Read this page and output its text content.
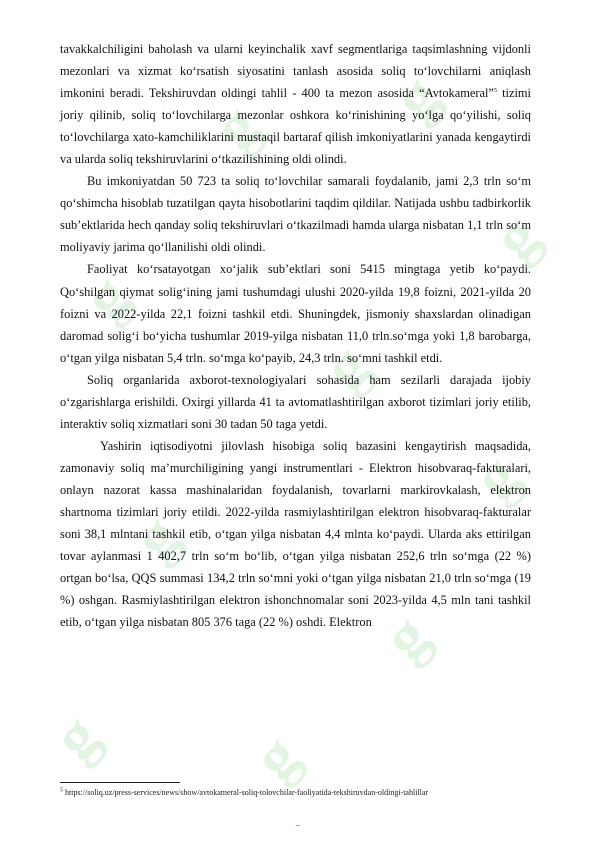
g
g
g
g
g
g
g
g
g g

tavakkalchiligini baholash va ularni keyinchalik xavf segmentlariga taqsimlashning vijdonli mezonlari va xizmat ko‘rsatish siyosatini tanlash asosida soliq to‘lovchilarni aniqlash imkonini beradi. Tekshiruvdan oldingi tahlil - 400 ta mezon asosida “Avtokameral”$^5$ tizimi joriy qilinib, soliq to‘lovchilarga mezonlar oshkora ko‘rinishining yo‘lga qo‘yilishi, soliq to‘lovchilarga xato-kamchiliklarini mustaqil bartaraf qilish imkoniyatlarini yanada kengaytirdi va ularda soliq tekshiruvlarini o‘tkazilishining oldi olindi.

Bu imkoniyatdan 50 723 ta soliq to‘lovchilar samarali foydalanib, jami 2,3 trln so‘m qo‘shimcha hisoblab tuzatilgan qayta hisobotlarini taqdim qildilar. Natijada ushbu tadbirkorlik sub’ektlarida hech qanday soliq tekshiruvlari o‘tkazilmadi hamda ularga nisbatan 1,1 trln so‘m moliyaviy jarima qo‘llanilishi oldi olindi.

Faoliyat ko‘rsatayotgan xo‘jalik sub’ektlari soni 5415 mingtaga yetib ko‘paydi. Qo‘shilgan qiymat solig‘ining jami tushumdagi ulushi 2020-yilda 19,8 foizni, 2021-yilda 20 foizni va 2022-yilda 22,1 foizni tashkil etdi. Shuningdek, jismoniy shaxslardan olinadigan daromad solig‘i bo‘yicha tushumlar 2019-yilga nisbatan 11,0 trln.so‘mga yoki 1,8 barobarga, o‘tgan yilga nisbatan 5,4 trln. so‘mga ko‘payib, 24,3 trln. so‘mni tashkil etdi.

Soliq organlarida axborot-texnologiyalari sohasida ham sezilarli darajada ijobiy o‘zgarishlarga erishildi. Oxirgi yillarda 41 ta avtomatlashtirilgan axborot tizimlari joriy etilib, interaktiv soliq xizmatlari soni 30 tadan 50 taga yetdi.

Yashirin iqtisodiyotni jilovlash hisobiga soliq bazasini kengaytirish maqsadida, zamonaviy soliq ma’murchiligining yangi instrumentlari - Elektron hisobvaraq-fakturalari, onlayn nazorat kassa mashinalaridan foydalanish, tovarlarni markirovkalash, elektron shartnoma tizimlari joriy etildi. 2022-yilda rasmiylashtirilgan elektron hisobvaraq-fakturalar soni 38,1 mlntani tashkil etib, o‘tgan yilga nisbatan 4,4 mlnta ko‘paydi. Ularda aks ettirilgan tovar aylanmasi 1 402,7 trln so‘m bo‘lib, o‘tgan yilga nisbatan 252,6 trln so‘mga (22 %) ortgan bo‘lsa, QQS summasi 134,2 trln so‘mni yoki o‘tgan yilga nisbatan 21,0 trln so‘mga (19 %) oshgan. Rasmiylashtirilgan elektron ishonchnomalar soni 2023-yilda 4,5 mln tani tashkil etib, o‘tgan yilga nisbatan 805 376 taga (22 %) oshdi. Elektron

$^5$ https://soliq.uz/press-services/news/show/avtokameral-soliq-tolovchilar-faoliyatida-tekshiruvdan-oldingi-tahlillar
–
